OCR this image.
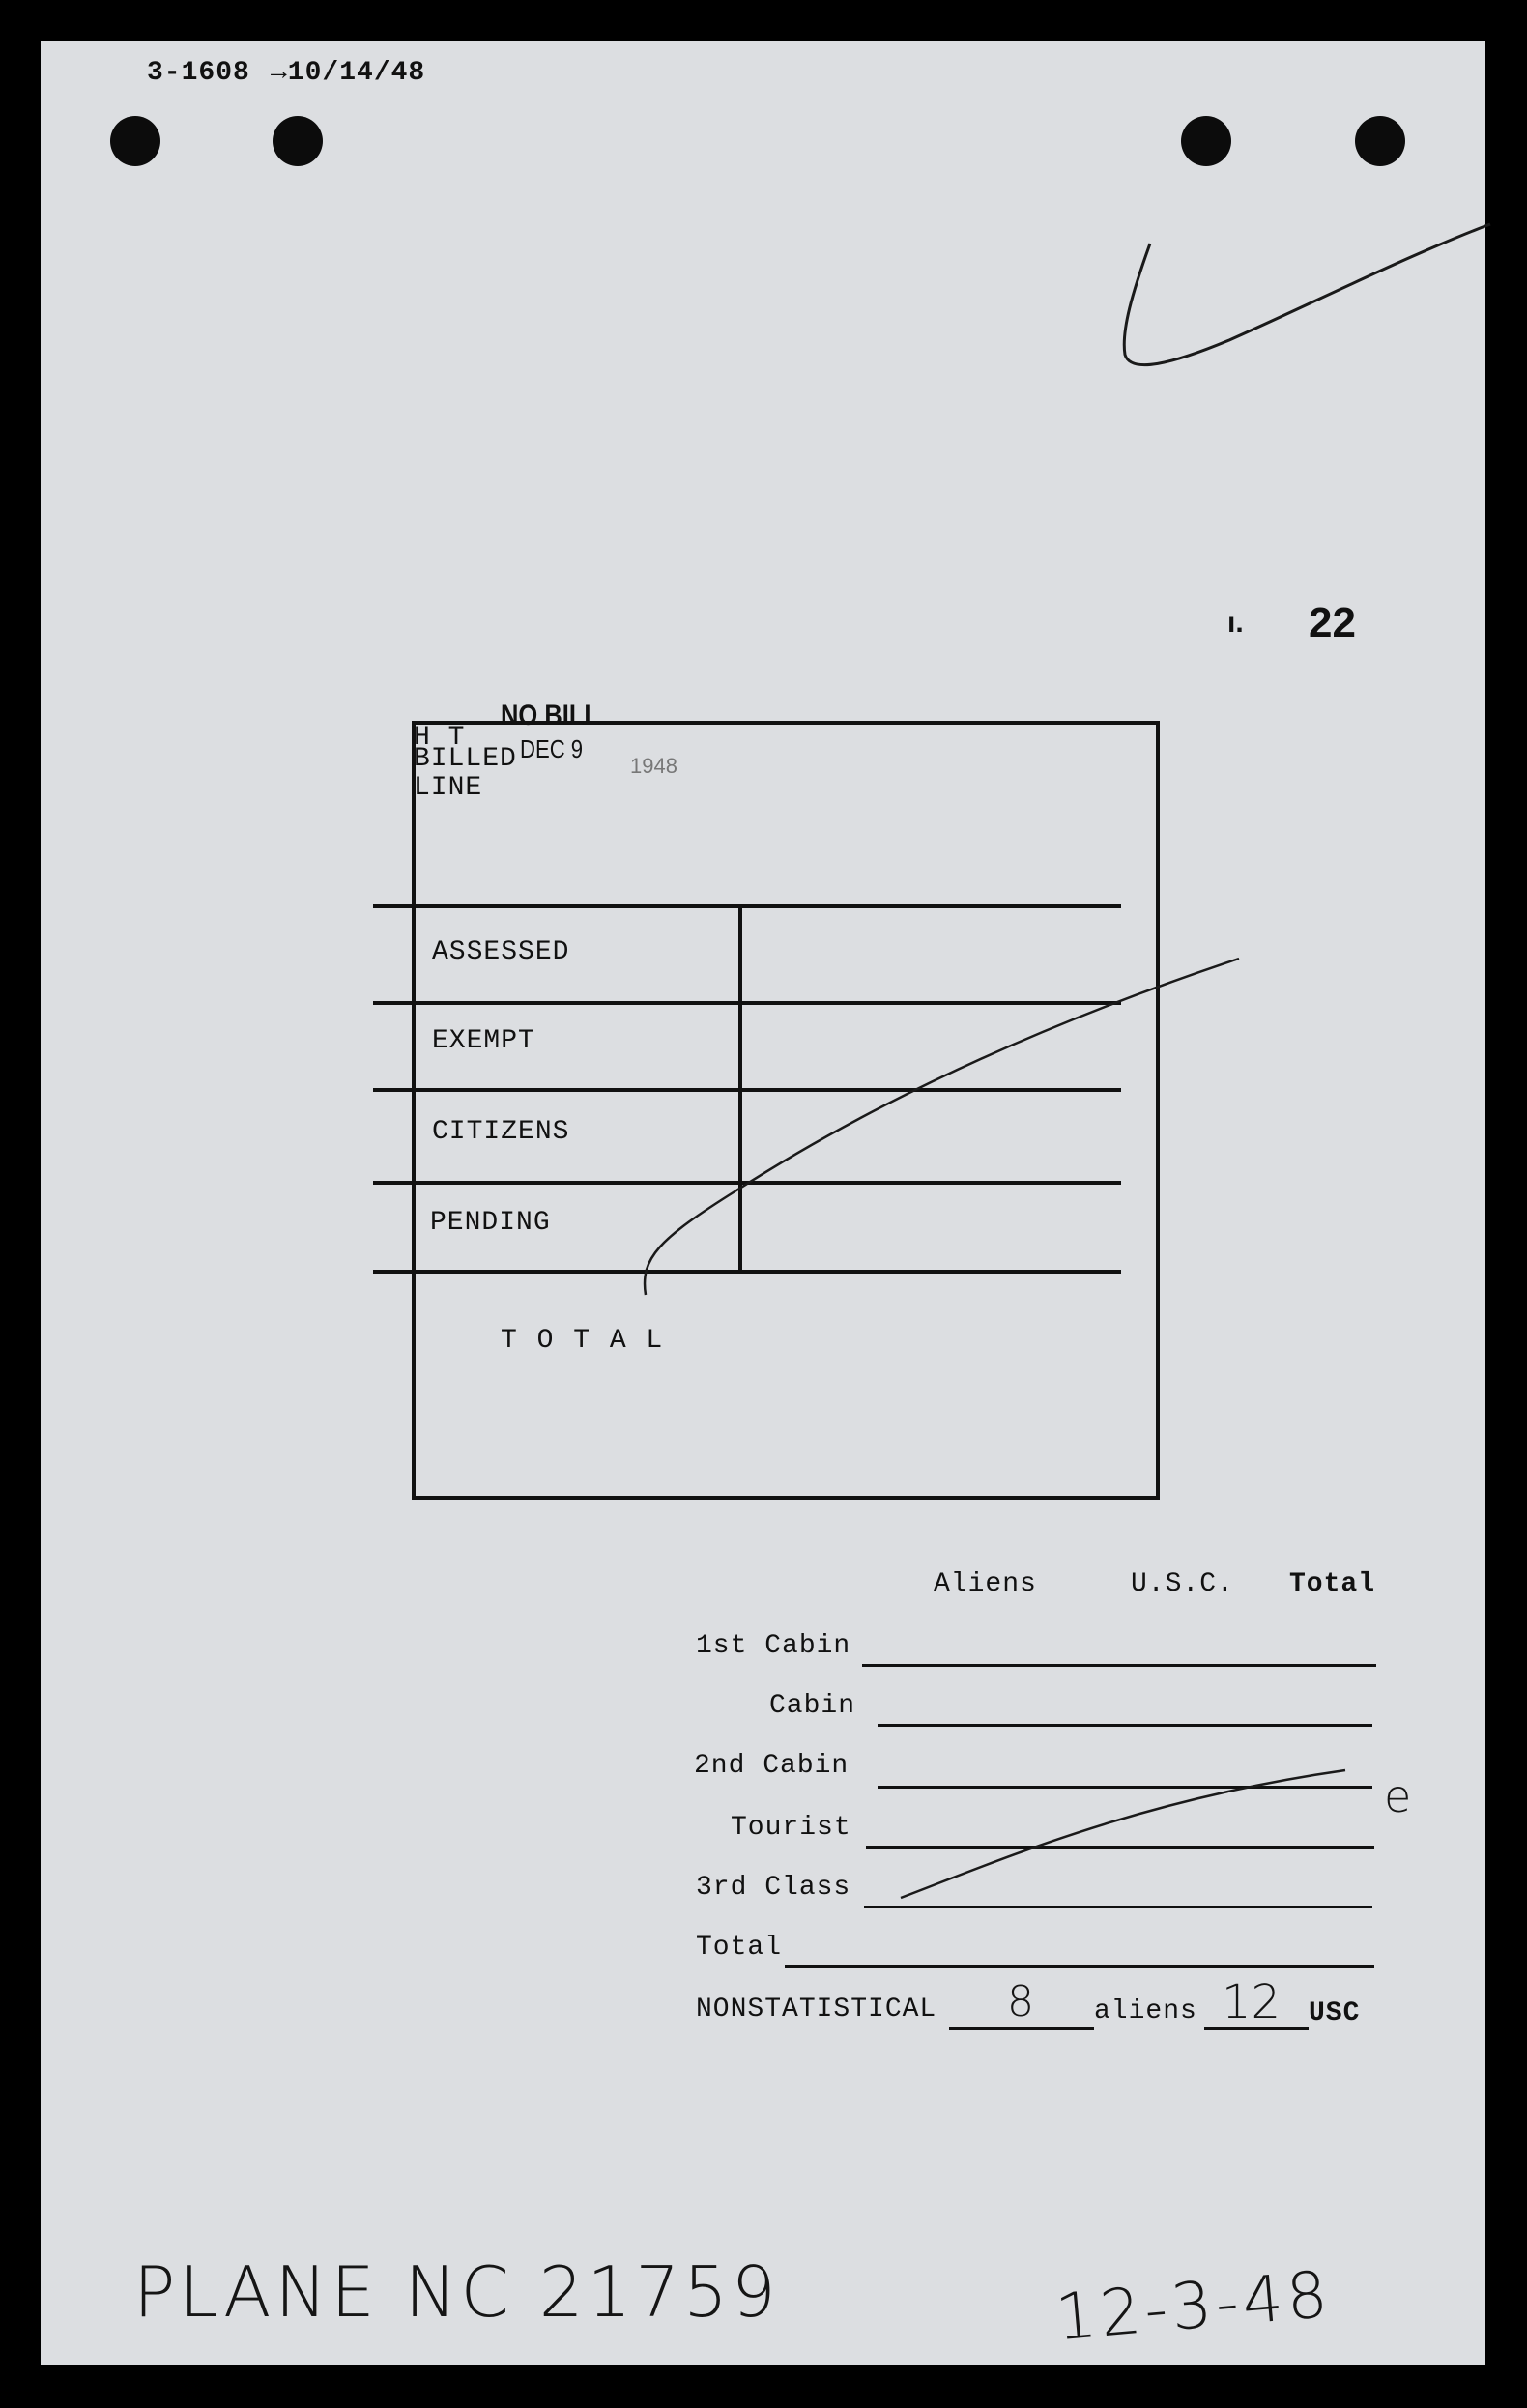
3-1608 →10/14/48
ı. 22
H T
BILLED
LINE
NO BILL
DEC 9
1948
ASSESSED
EXEMPT
CITIZENS
PENDING
T O T A L
Aliens	U.S.C. Total
1st Cabin
Cabin
2nd Cabin
Tourist
3rd Class
Total
e
NONSTATISTICAL 8 aliens 12 USC
PLANE NC 21759	12-3-48
